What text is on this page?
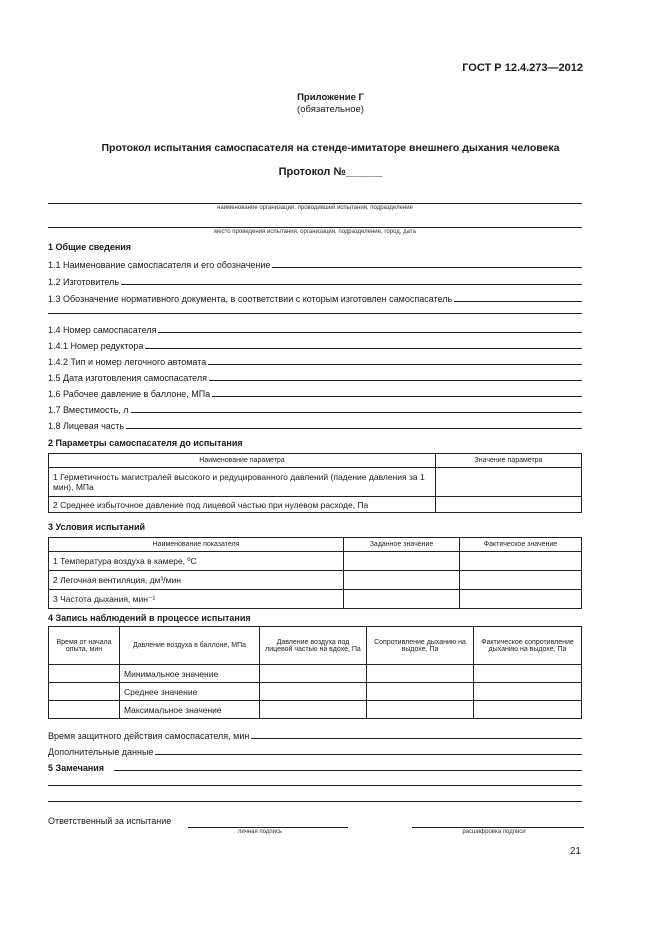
ГОСТ Р 12.4.273—2012
Приложение Г
(обязательное)
Протокол испытания самоспасателя на стенде-имитаторе внешнего дыхания человека
Протокол №______
наименование организации, проводившей испытания, подразделение
место проведения испытания, организация, подразделение, город, дата
1 Общие сведения
1.1 Наименование самоспасателя и его обозначение
1.2 Изготовитель
1.3 Обозначение нормативного документа, в соответствии с которым изготовлен самоспасатель
1.4 Номер самоспасателя
1.4.1 Номер редуктора
1.4.2 Тип и номер легочного автомата
1.5 Дата изготовления самоспасателя
1.6 Рабочее давление в баллоне, МПа
1.7 Вместимость, л
1.8 Лицевая часть
2 Параметры самоспасателя до испытания
Наименование параметра	Значение параметра
1 Герметичность магистралей высокого и редуцированного давлений (падение давления за 1 мин), МПа	
2 Среднее избыточное давление под лицевой частью при нулевом расходе, Па	
3 Условия испытаний
Наименование показателя	Заданное значение	Фактическое значение
1 Температура воздуха в камере, ºС		
2 Легочная вентиляция, дм³/мин		
3 Частота дыхания, мин⁻¹		
4 Запись наблюдений в процессе испытания
Время от начала опыта, мин	Давление воздуха в баллоне, МПа	Давление воздуха под лицевой частью на вдохе, Па	Сопротивление дыханию на выдохе, Па	Фактическое сопротивление дыханию на выдохе, Па
	Минимальное значение			
	Среднее значение			
	Максимальное значение			
Время защитного действия самоспасателя, мин
Дополнительные данные
5 Замечания
Ответственный за испытание
личная подпись	расшифровка подписи
21
